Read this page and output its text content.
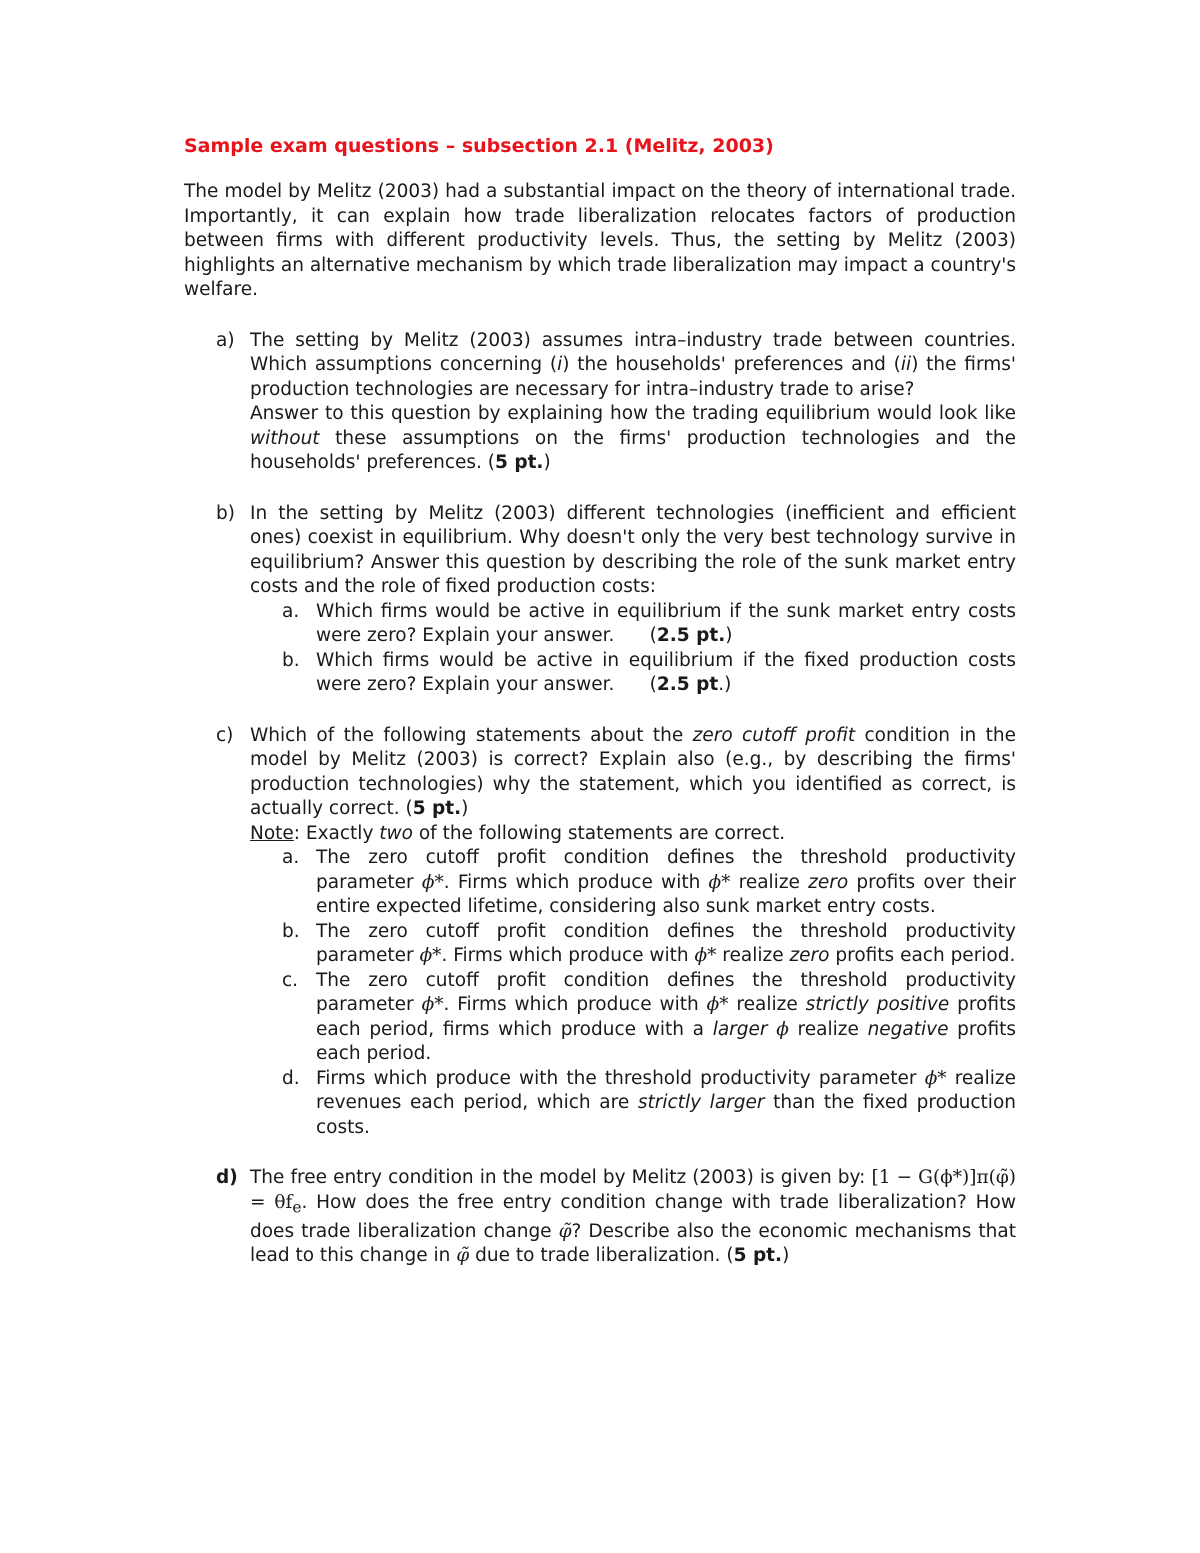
Sample exam questions – subsection 2.1 (Melitz, 2003)

The model by Melitz (2003) had a substantial impact on the theory of international trade. Importantly, it can explain how trade liberalization relocates factors of production between firms with different productivity levels. Thus, the setting by Melitz (2003) highlights an alternative mechanism by which trade liberalization may impact a country's welfare.

a) The setting by Melitz (2003) assumes intra–industry trade between countries. Which assumptions concerning (i) the households' preferences and (ii) the firms' production technologies are necessary for intra–industry trade to arise?

Answer to this question by explaining how the trading equilibrium would look like without these assumptions on the firms' production technologies and the households' preferences. (5 pt.)

b) In the setting by Melitz (2003) different technologies (inefficient and efficient ones) coexist in equilibrium. Why doesn't only the very best technology survive in equilibrium? Answer this question by describing the role of the sunk market entry costs and the role of fixed production costs:

a. Which firms would be active in equilibrium if the sunk market entry costs were zero? Explain your answer. (2.5 pt.)

b. Which firms would be active in equilibrium if the fixed production costs were zero? Explain your answer. (2.5 pt.)

c) Which of the following statements about the zero cutoff profit condition in the model by Melitz (2003) is correct? Explain also (e.g., by describing the firms' production technologies) why the statement, which you identified as correct, is actually correct. (5 pt.)

Note: Exactly two of the following statements are correct.

a. The zero cutoff profit condition defines the threshold productivity parameter ϕ*. Firms which produce with ϕ* realize zero profits over their entire expected lifetime, considering also sunk market entry costs.

b. The zero cutoff profit condition defines the threshold productivity parameter ϕ*. Firms which produce with ϕ* realize zero profits each period.

c. The zero cutoff profit condition defines the threshold productivity parameter ϕ*. Firms which produce with ϕ* realize strictly positive profits each period, firms which produce with a larger ϕ realize negative profits each period.

d. Firms which produce with the threshold productivity parameter ϕ* realize revenues each period, which are strictly larger than the fixed production costs.

d) The free entry condition in the model by Melitz (2003) is given by: [1 − G(ϕ*)]π(φ̃) = $\theta f_e$. How does the free entry condition change with trade liberalization? How does trade liberalization change φ̃? Describe also the economic mechanisms that lead to this change in φ̃ due to trade liberalization. (5 pt.)
